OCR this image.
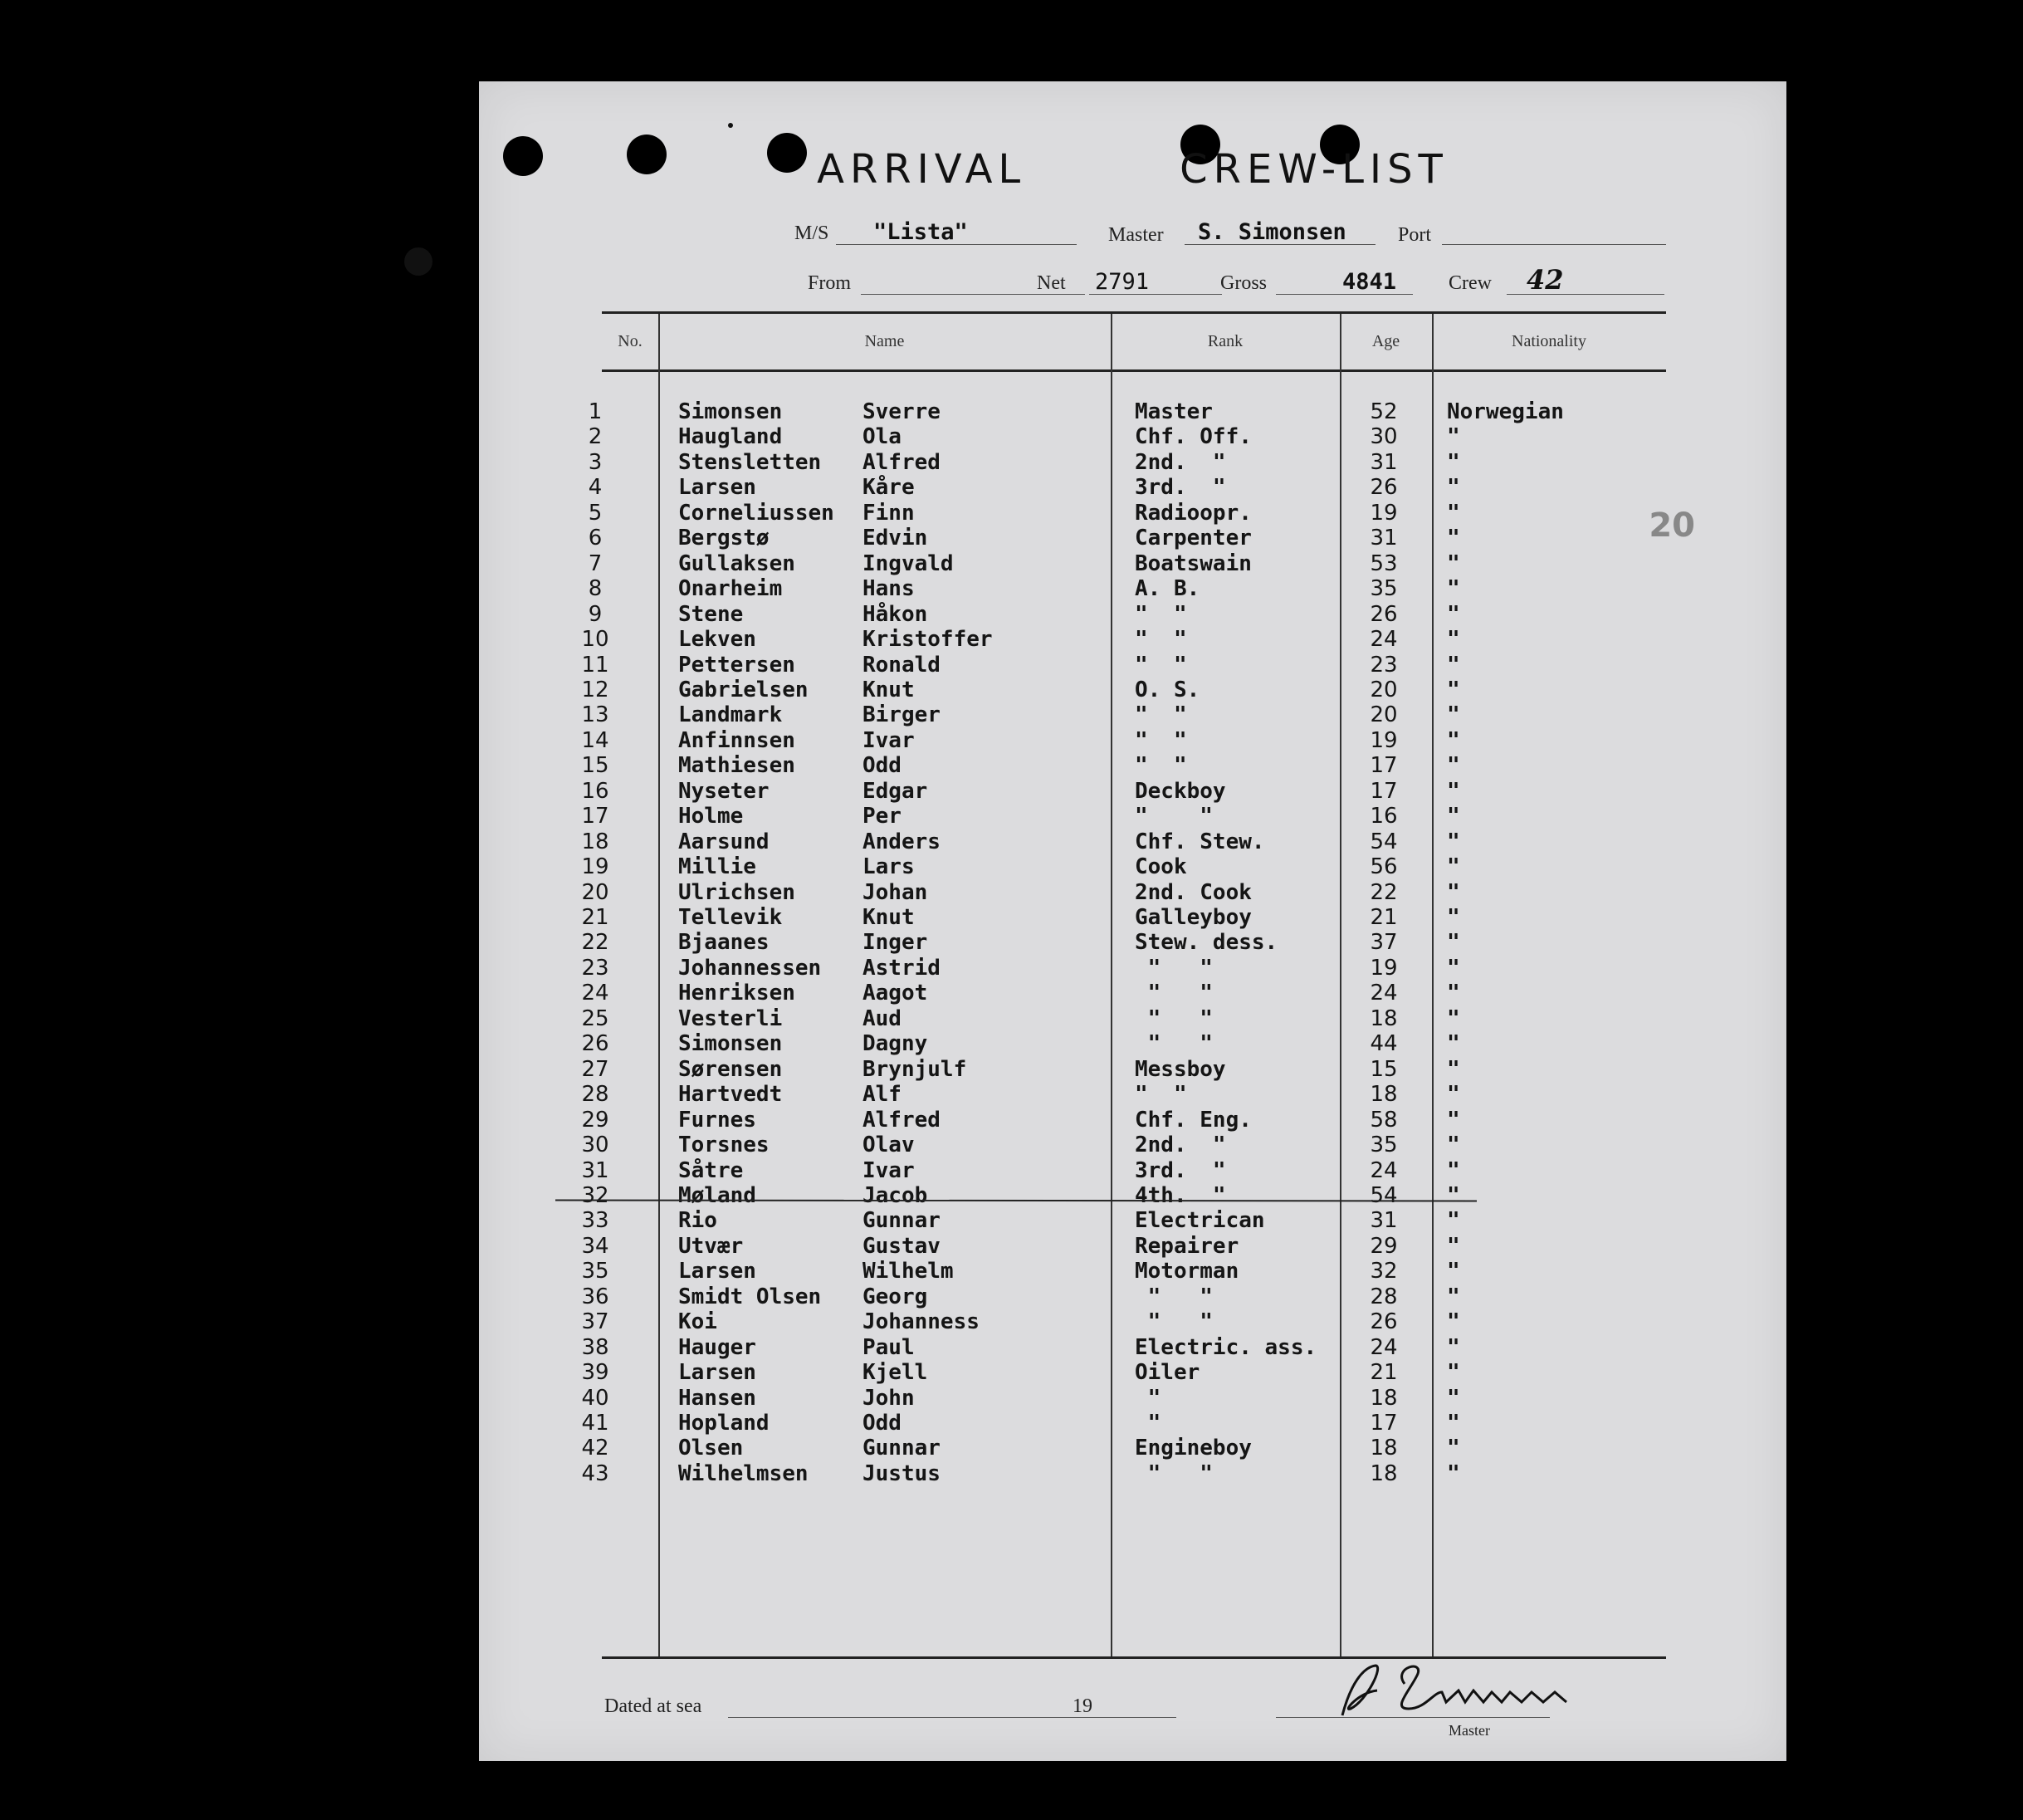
ARRIVAL	CREW-LIST
M/S "Lista"	Master S. Simonsen	Port
From	Net 2791	Gross	4841	Crew 42
No.	Name	Rank	Age	Nationality
1	Simonsen	Sverre	Master	52	Norwegian
2	Haugland	Ola	Chf. Off.	30	"
3	Stensletten Alfred	2nd.  "	31	"
4	Larsen	Kåre	3rd.  "	26	"
5	Corneliussen Finn	Radioopr.	19	"
6	Bergstø	Edvin	Carpenter	31	"
7	Gullaksen	Ingvald	Boatswain	53	"
8	Onarheim	Hans	A. B.	35	"
9	Stene	Håkon	"  "	26	"
10	Lekven	Kristoffer	"  "	24	"
11	Pettersen	Ronald	"  "	23	"
12	Gabrielsen	Knut	O. S.	20	"
13	Landmark	Birger	"  "	20	"
14	Anfinnsen	Ivar	"  "	19	"
15	Mathiesen	Odd	"  "	17	"
16	Nyseter	Edgar	Deckboy	17	"
17	Holme	Per	"    "	16	"
18	Aarsund	Anders	Chf. Stew.	54	"
19	Millie	Lars	Cook	56	"
20	Ulrichsen	Johan	2nd. Cook	22	"
21	Tellevik	Knut	Galleyboy	21	"
22	Bjaanes	Inger	Stew. dess.	37	"
23	Johannessen Astrid	"   "	19	"
24	Henriksen	Aagot	"   "	24	"
25	Vesterli	Aud	"   "	18	"
26	Simonsen	Dagny	"   "	44	"
27	Sørensen	Brynjulf	Messboy	15	"
28	Hartvedt	Alf	"  "	18	"
29	Furnes	Alfred	Chf. Eng.	58	"
30	Torsnes	Olav	2nd.  "	35	"
31	Såtre	Ivar	3rd.  "	24	"
32	Møland	Jacob	4th.  "	54	"
33	Rio	Gunnar	Electrican	31	"
34	Utvær	Gustav	Repairer	29	"
35	Larsen	Wilhelm	Motorman	32	"
36	Smidt Olsen Georg	"   "	28	"
37	Koi	Johanness	"   "	26	"
38	Hauger	Paul	Electric. ass.	24	"
39	Larsen	Kjell	Oiler	21	"
40	Hansen	John	"	18	"
41	Hopland	Odd	"	17	"
42	Olsen	Gunnar	Engineboy	18	"
43	Wilhelmsen	Justus	"   "	18	"
20
Dated at sea	19
Master
